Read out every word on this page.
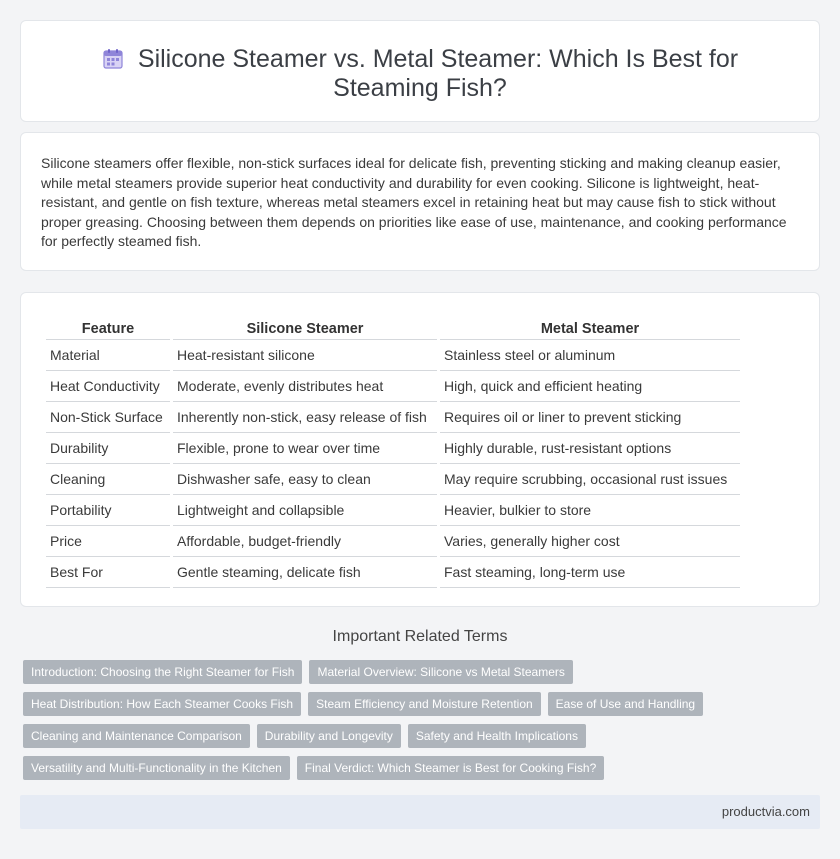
Silicone Steamer vs. Metal Steamer: Which Is Best for Steaming Fish?

Silicone steamers offer flexible, non-stick surfaces ideal for delicate fish, preventing sticking and making cleanup easier, while metal steamers provide superior heat conductivity and durability for even cooking. Silicone is lightweight, heat-resistant, and gentle on fish texture, whereas metal steamers excel in retaining heat but may cause fish to stick without proper greasing. Choosing between them depends on priorities like ease of use, maintenance, and cooking performance for perfectly steamed fish.

Feature	Silicone Steamer	Metal Steamer
Material	Heat-resistant silicone	Stainless steel or aluminum
Heat Conductivity	Moderate, evenly distributes heat	High, quick and efficient heating
Non-Stick Surface	Inherently non-stick, easy release of fish	Requires oil or liner to prevent sticking
Durability	Flexible, prone to wear over time	Highly durable, rust-resistant options
Cleaning	Dishwasher safe, easy to clean	May require scrubbing, occasional rust issues
Portability	Lightweight and collapsible	Heavier, bulkier to store
Price	Affordable, budget-friendly	Varies, generally higher cost
Best For	Gentle steaming, delicate fish	Fast steaming, long-term use
Important Related Terms
Introduction: Choosing the Right Steamer for Fish Material Overview: Silicone vs Metal Steamers
Heat Distribution: How Each Steamer Cooks Fish Steam Efficiency and Moisture Retention Ease of Use and Handling
Cleaning and Maintenance Comparison Durability and Longevity Safety and Health Implications
Versatility and Multi-Functionality in the Kitchen Final Verdict: Which Steamer is Best for Cooking Fish?
productvia.com
